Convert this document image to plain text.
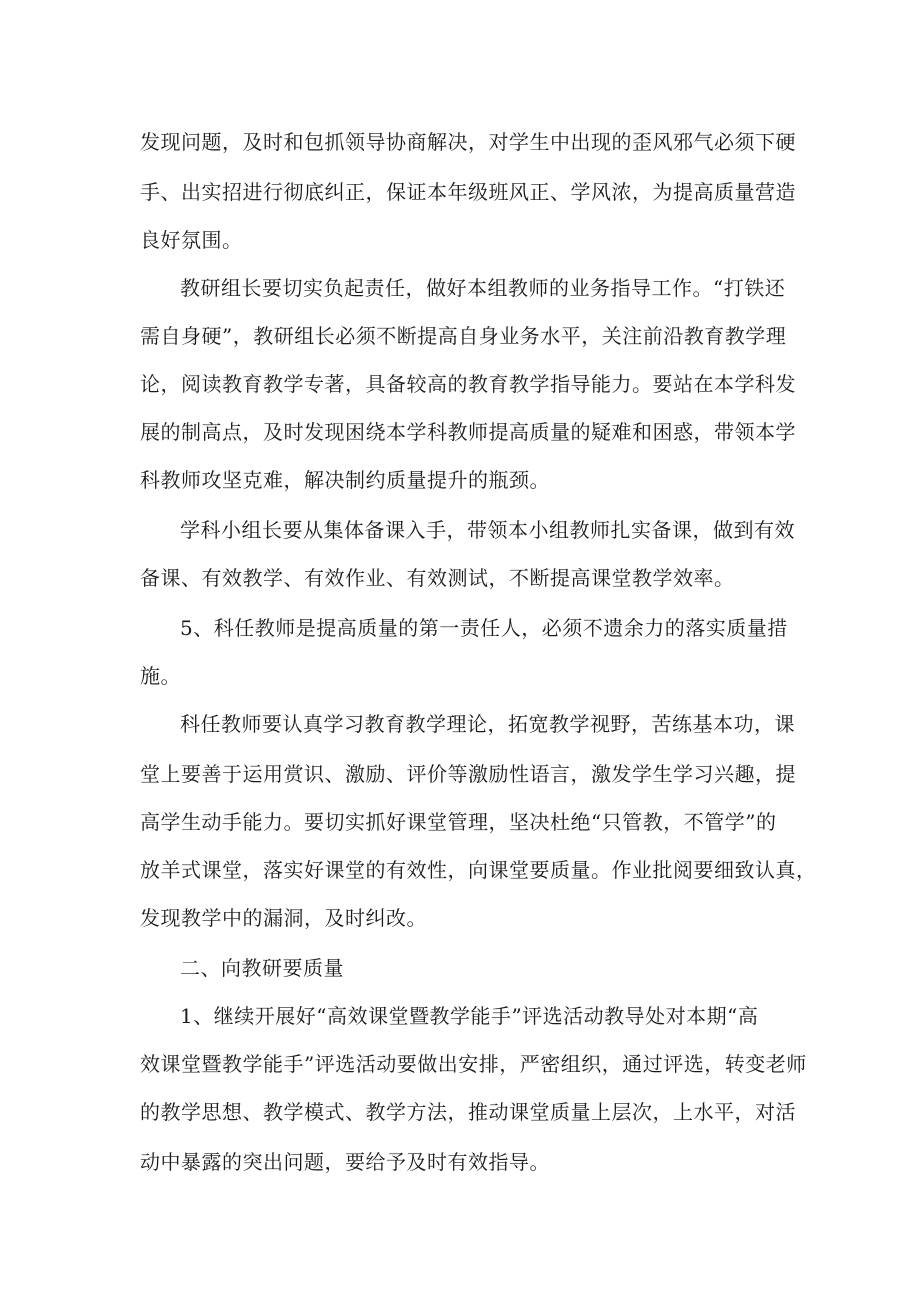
发现问题，及时和包抓领导协商解决，对学生中出现的歪风邪气必须下硬
手、出实招进行彻底纠正，保证本年级班风正、学风浓，为提高质量营造
良好氛围。
教研组长要切实负起责任，做好本组教师的业务指导工作。“打铁还
需自身硬”，教研组长必须不断提高自身业务水平，关注前沿教育教学理
论，阅读教育教学专著，具备较高的教育教学指导能力。要站在本学科发
展的制高点，及时发现困绕本学科教师提高质量的疑难和困惑，带领本学
科教师攻坚克难，解决制约质量提升的瓶颈。
学科小组长要从集体备课入手，带领本小组教师扎实备课，做到有效
备课、有效教学、有效作业、有效测试，不断提高课堂教学效率。
5、科任教师是提高质量的第一责任人，必须不遗余力的落实质量措
施。
科任教师要认真学习教育教学理论，拓宽教学视野，苦练基本功，课
堂上要善于运用赏识、激励、评价等激励性语言，激发学生学习兴趣，提
高学生动手能力。要切实抓好课堂管理，坚决杜绝“只管教，不管学”的
放羊式课堂，落实好课堂的有效性，向课堂要质量。作业批阅要细致认真，
发现教学中的漏洞，及时纠改。
二、向教研要质量
1、继续开展好“高效课堂暨教学能手”评选活动教导处对本期“高
效课堂暨教学能手”评选活动要做出安排，严密组织，通过评选，转变老师
的教学思想、教学模式、教学方法，推动课堂质量上层次，上水平，对活
动中暴露的突出问题，要给予及时有效指导。
